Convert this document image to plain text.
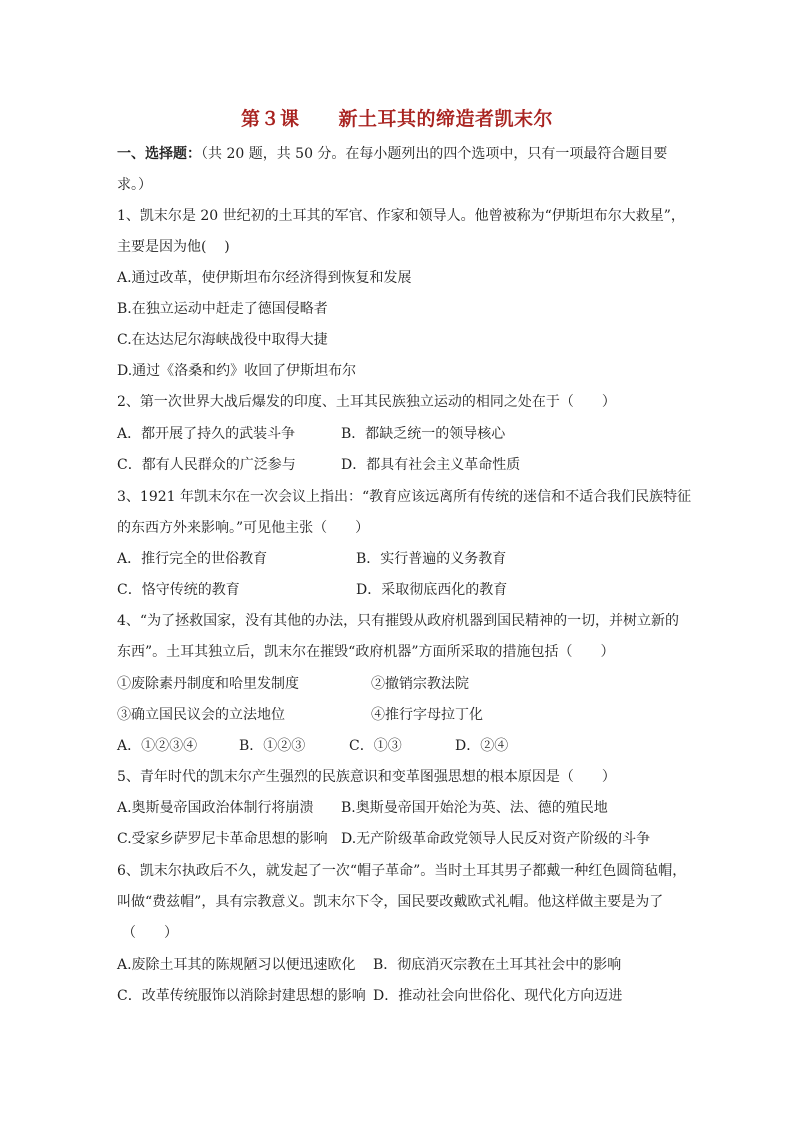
第３课　　新土耳其的缔造者凯末尔
一、选择题：（共 20 题，共 50 分。在每小题列出的四个选项中，只有一项最符合题目要
求。）
1、凯末尔是 20 世纪初的土耳其的军官、作家和领导人。他曾被称为“伊斯坦布尔大救星”，
主要是因为他(    )
A.通过改革，使伊斯坦布尔经济得到恢复和发展
B.在独立运动中赶走了德国侵略者
C.在达达尼尔海峡战役中取得大捷
D.通过《洛桑和约》收回了伊斯坦布尔
2、第一次世界大战后爆发的印度、土耳其民族独立运动的相同之处在于（　　）
A．都开展了持久的武装斗争	B．都缺乏统一的领导核心
C．都有人民群众的广泛参与	D．都具有社会主义革命性质
3、1921 年凯末尔在一次会议上指出：“教育应该远离所有传统的迷信和不适合我们民族特征
的东西方外来影响。”可见他主张（　　）
A．推行完全的世俗教育	B．实行普遍的义务教育
C．恪守传统的教育	D．采取彻底西化的教育
4、“为了拯救国家，没有其他的办法，只有摧毁从政府机器到国民精神的一切，并树立新的
东西”。土耳其独立后，凯末尔在摧毁“政府机器”方面所采取的措施包括（　　）
①废除素丹制度和哈里发制度	②撤销宗教法院
③确立国民议会的立法地位	④推行字母拉丁化
A．①②③④	B．①②③	C．①③	D．②④
5、青年时代的凯末尔产生强烈的民族意识和变革图强思想的根本原因是（　　）
A.奥斯曼帝国政治体制行将崩溃 B.奥斯曼帝国开始沦为英、法、德的殖民地
C.受家乡萨罗尼卡革命思想的影响 D.无产阶级革命政党领导人民反对资产阶级的斗争
6、凯末尔执政后不久，就发起了一次“帽子革命”。当时土耳其男子都戴一种红色圆筒毡帽，
叫做“费兹帽”，具有宗教意义。凯末尔下令，国民要改戴欧式礼帽。他这样做主要是为了
（　　）
A.废除土耳其的陈规陋习以便迅速欧化 B．彻底消灭宗教在土耳其社会中的影响
C．改革传统服饰以消除封建思想的影响 D．推动社会向世俗化、现代化方向迈进
